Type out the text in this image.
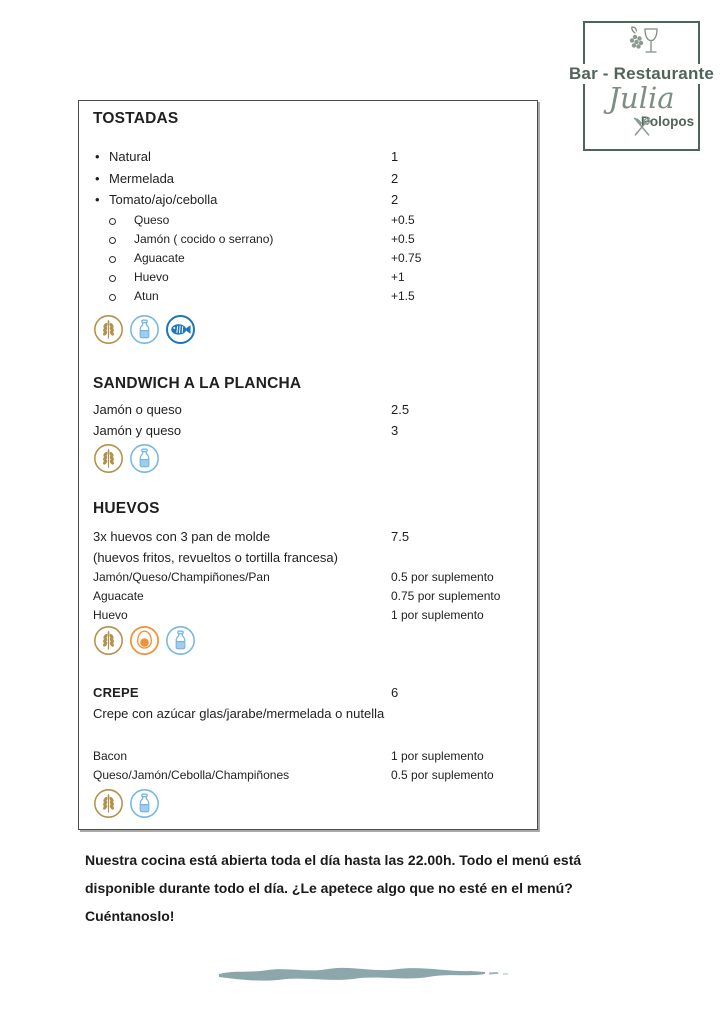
Bar - Restaurante
Julia
Polopos
TOSTADAS
• Natural	1
• Mermelada	2
• Tomato/ajo/cebolla	2
Queso	+0.5
Jamón ( cocido o serrano)	+0.5
Aguacate	+0.75
Huevo	+1
Atun	+1.5
SANDWICH A LA PLANCHA
Jamón o queso	2.5
Jamón y queso	3
HUEVOS
3x huevos con 3 pan de molde	7.5
(huevos fritos, revueltos o tortilla francesa)
Jamón/Queso/Champiñones/Pan	0.5 por suplemento
Aguacate	0.75 por suplemento
Huevo	1 por suplemento
CREPE	6
Crepe con azúcar glas/jarabe/mermelada o nutella
Bacon	1 por suplemento
Queso/Jamón/Cebolla/Champiñones	0.5 por suplemento
Nuestra cocina está abierta toda el día hasta las 22.00h. Todo el menú está
disponible durante todo el día. ¿Le apetece algo que no esté en el menú?
Cuéntanoslo!
